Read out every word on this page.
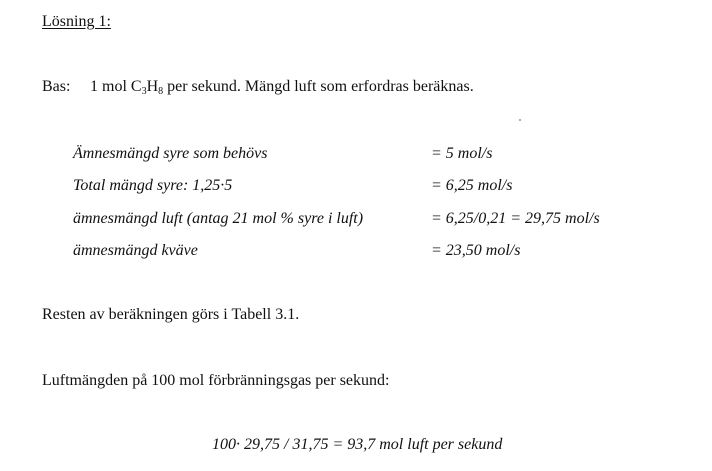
Lösning 1:
Bas: 1 mol $C_3H_8$ per sekund. Mängd luft som erfordras beräknas.
Ämnesmängd syre som behövs	= 5 mol/s
Total mängd syre: 1,25·5	= 6,25 mol/s
ämnesmängd luft (antag 21 mol % syre i luft)	= 6,25/0,21 = 29,75 mol/s
ämnesmängd kväve	= 23,50 mol/s
Resten av beräkningen görs i Tabell 3.1.
Luftmängden på 100 mol förbränningsgas per sekund:
100· 29,75 / 31,75 = 93,7 mol luft per sekund
